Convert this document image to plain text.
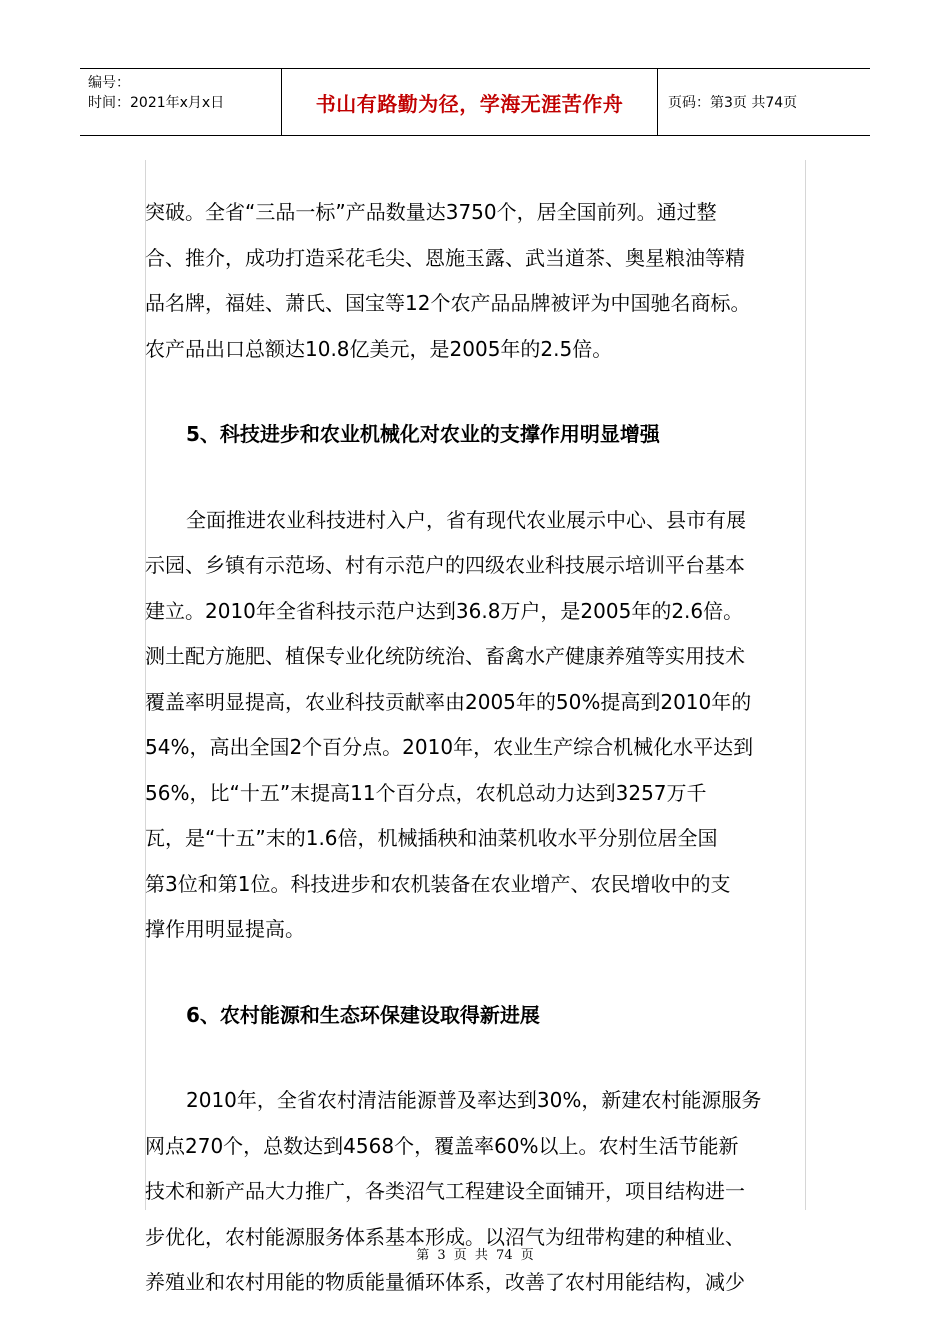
编号：
时间：2021年x月x日	书山有路勤为径，学海无涯苦作舟	页码：第3页 共74页
突破。全省“三品一标”产品数量达3750个，居全国前列。通过整
合、推介，成功打造采花毛尖、恩施玉露、武当道茶、奥星粮油等精
品名牌，福娃、萧氏、国宝等12个农产品品牌被评为中国驰名商标。
农产品出口总额达10.8亿美元，是2005年的2.5倍。
5、科技进步和农业机械化对农业的支撑作用明显增强
全面推进农业科技进村入户，省有现代农业展示中心、县市有展
示园、乡镇有示范场、村有示范户的四级农业科技展示培训平台基本
建立。2010年全省科技示范户达到36.8万户，是2005年的2.6倍。
测土配方施肥、植保专业化统防统治、畜禽水产健康养殖等实用技术
覆盖率明显提高，农业科技贡献率由2005年的50%提高到2010年的
54%，高出全国2个百分点。2010年，农业生产综合机械化水平达到
56%，比“十五”末提高11个百分点，农机总动力达到3257万千
瓦，是“十五”末的1.6倍，机械插秧和油菜机收水平分别位居全国
第3位和第1位。科技进步和农机装备在农业增产、农民增收中的支
撑作用明显提高。
6、农村能源和生态环保建设取得新进展
2010年，全省农村清洁能源普及率达到30%，新建农村能源服务
网点270个，总数达到4568个，覆盖率60%以上。农村生活节能新
技术和新产品大力推广，各类沼气工程建设全面铺开，项目结构进一
步优化，农村能源服务体系基本形成。以沼气为纽带构建的种植业、
养殖业和农村用能的物质能量循环体系，改善了农村用能结构，减少
第 3 页 共 74 页
